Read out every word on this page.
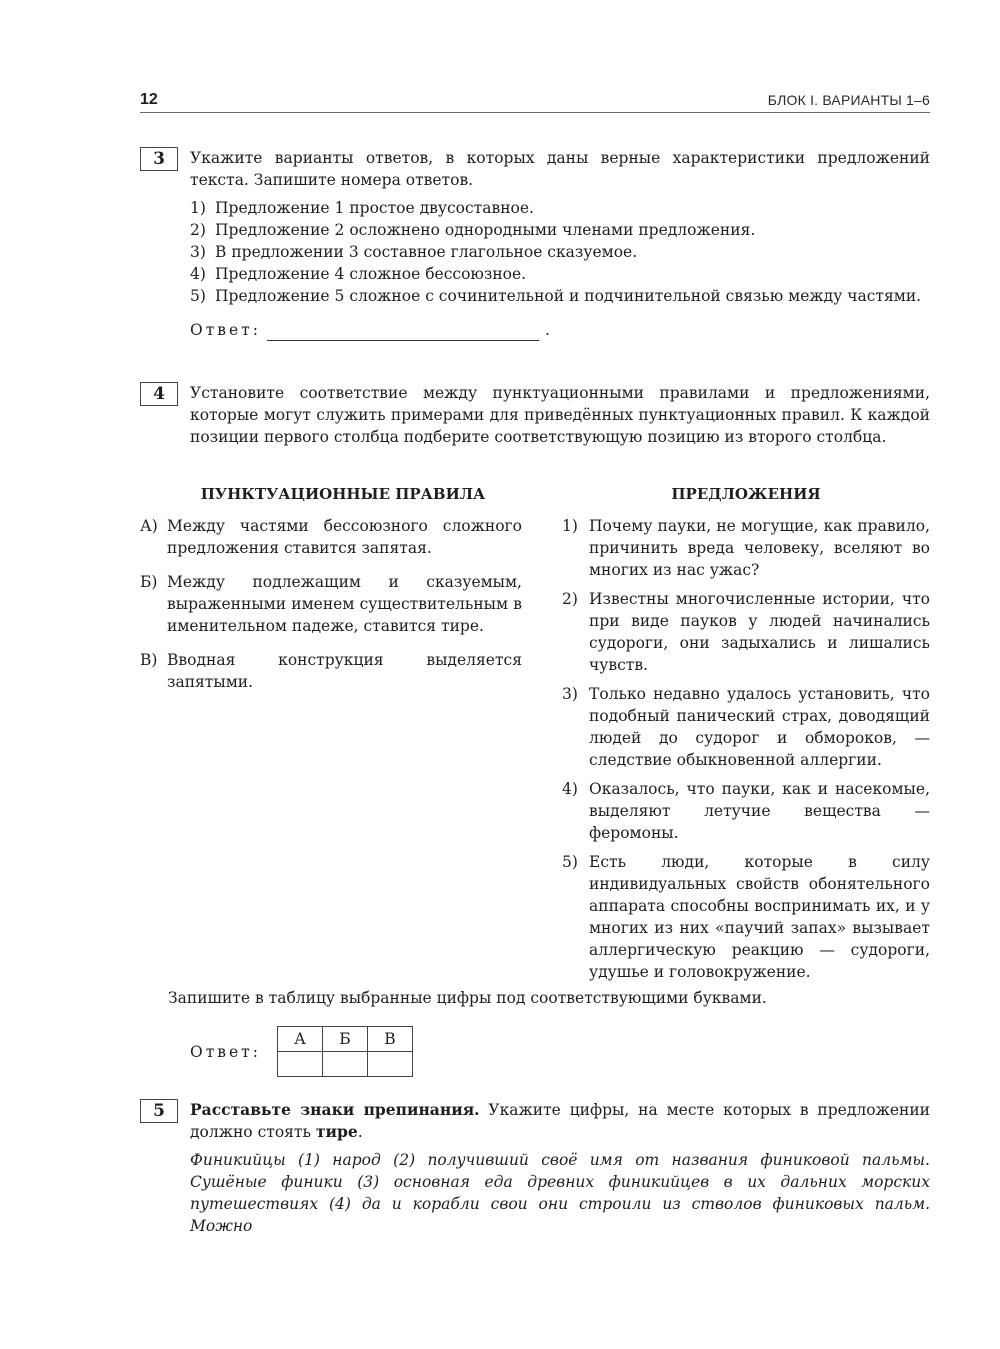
12	БЛОК I. ВАРИАНТЫ 1–6
3	Укажите варианты ответов, в которых даны верные характеристики предложений текста. Запишите номера ответов.

1) Предложение 1 простое двусоставное.
2) Предложение 2 осложнено однородными членами предложения.
3) В предложении 3 составное глагольное сказуемое.
4) Предложение 4 сложное бессоюзное.
5) Предложение 5 сложное с сочинительной и подчинительной связью между частями.
Ответ:	.
4	Установите соответствие между пунктуационными правилами и предложениями, которые могут служить примерами для приведённых пунктуационных правил. К каждой позиции первого столбца подберите соответствующую позицию из второго столбца.

ПУНКТУАЦИОННЫЕ ПРАВИЛА
А) Между частями бессоюзного сложного предложения ставится запятая.
Б) Между подлежащим и сказуемым, выраженными именем существительным в именительном падеже, ставится тире.
В) Вводная конструкция выделяется запятыми.
ПРЕДЛОЖЕНИЯ
1) Почему пауки, не могущие, как правило, причинить вреда человеку, вселяют во многих из нас ужас?
2) Известны многочисленные истории, что при виде пауков у людей начинались судороги, они задыхались и лишались чувств.
3) Только недавно удалось установить, что подобный панический страх, доводящий людей до судорог и обмороков, — следствие обыкновенной аллергии.
4) Оказалось, что пауки, как и насекомые, выделяют летучие вещества — феромоны.
5) Есть люди, которые в силу индивидуальных свойств обонятельного аппарата способны воспринимать их, и у многих из них «паучий запах» вызывает аллергическую реакцию — судороги, удушье и головокружение.
Запишите в таблицу выбранные цифры под соответствующими буквами.
Ответ:
А	Б	В

5	Расставьте знаки препинания. Укажите цифры, на месте которых в предложении должно стоять тире.

Финикийцы (1) народ (2) получивший своё имя от названия финиковой пальмы. Сушёные финики (3) основная еда древних финикийцев в их дальних морских путешествиях (4) да и корабли свои они строили из стволов финиковых пальм. Можно
